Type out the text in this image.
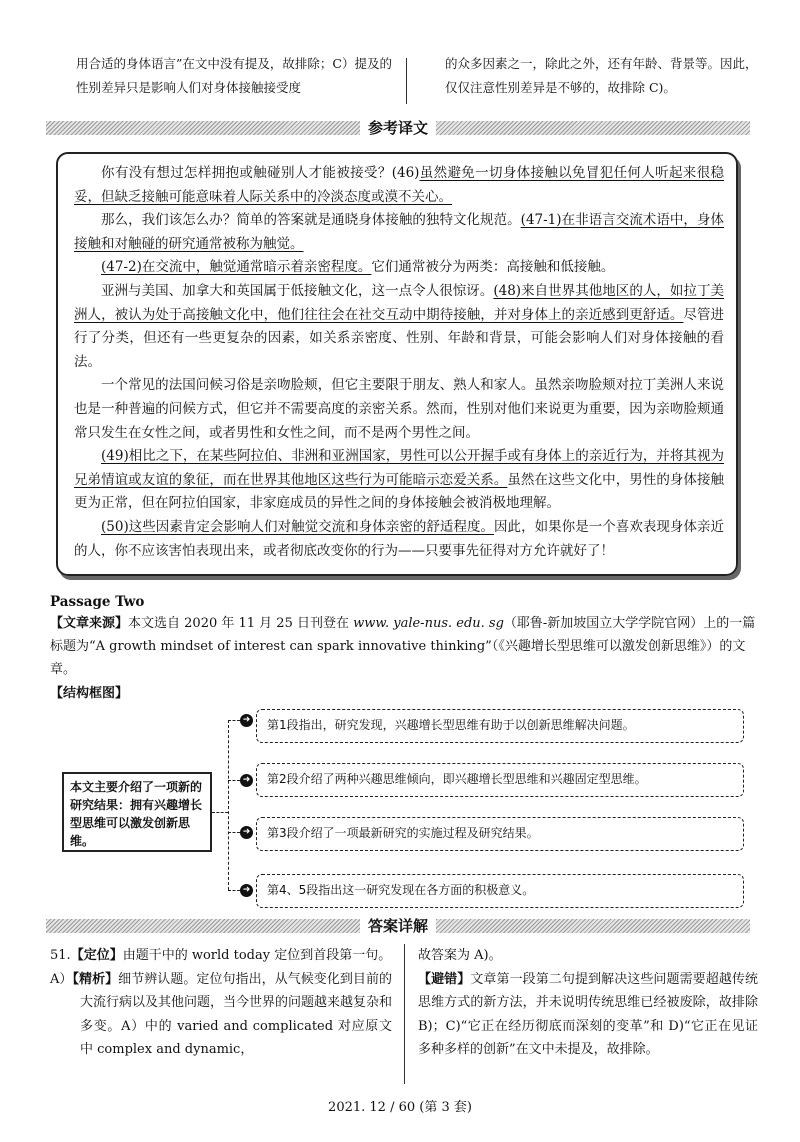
用合适的身体语言”在文中没有提及，故排除；C）提及的性别差异只是影响人们对身体接触接受度
的众多因素之一，除此之外，还有年龄、背景等。因此，仅仅注意性别差异是不够的，故排除 C)。
参考译文

你有没有想过怎样拥抱或触碰别人才能被接受？(46)虽然避免一切身体接触以免冒犯任何人听起来很稳妥，但缺乏接触可能意味着人际关系中的冷淡态度或漠不关心。

那么，我们该怎么办？简单的答案就是通晓身体接触的独特文化规范。(47-1)在非语言交流术语中，身体接触和对触碰的研究通常被称为触觉。

(47-2)在交流中，触觉通常暗示着亲密程度。它们通常被分为两类：高接触和低接触。

亚洲与美国、加拿大和英国属于低接触文化，这一点令人很惊讶。(48)来自世界其他地区的人，如拉丁美洲人，被认为处于高接触文化中，他们往往会在社交互动中期待接触，并对身体上的亲近感到更舒适。尽管进行了分类，但还有一些更复杂的因素，如关系亲密度、性别、年龄和背景，可能会影响人们对身体接触的看法。

一个常见的法国问候习俗是亲吻脸颊，但它主要限于朋友、熟人和家人。虽然亲吻脸颊对拉丁美洲人来说也是一种普遍的问候方式，但它并不需要高度的亲密关系。然而，性别对他们来说更为重要，因为亲吻脸颊通常只发生在女性之间，或者男性和女性之间，而不是两个男性之间。

(49)相比之下，在某些阿拉伯、非洲和亚洲国家，男性可以公开握手或有身体上的亲近行为，并将其视为兄弟情谊或友谊的象征，而在世界其他地区这些行为可能暗示恋爱关系。虽然在这些文化中，男性的身体接触更为正常，但在阿拉伯国家，非家庭成员的异性之间的身体接触会被消极地理解。

(50)这些因素肯定会影响人们对触觉交流和身体亲密的舒适程度。因此，如果你是一个喜欢表现身体亲近的人，你不应该害怕表现出来，或者彻底改变你的行为——只要事先征得对方允许就好了！

Passage Two
【文章来源】本文选自 2020 年 11 月 25 日刊登在 www. yale-nus. edu. sg（耶鲁-新加坡国立大学学院官网）上的一篇标题为“A growth mindset of interest can spark innovative thinking”（《兴趣增长型思维可以激发创新思维》）的文章。
【结构框图】
本文主要介绍了一项新的研究结果：拥有兴趣增长型思维可以激发创新思维。
➜	第1段指出，研究发现，兴趣增长型思维有助于以创新思维解决问题。
➜	第2段介绍了两种兴趣思维倾向，即兴趣增长型思维和兴趣固定型思维。
➜	第3段介绍了一项最新研究的实施过程及研究结果。
➜	第4、5段指出这一研究发现在各方面的积极意义。
答案详解

51.【定位】由题干中的 world today 定位到首段第一句。

A）【精析】细节辨认题。定位句指出，从气候变化到目前的大流行病以及其他问题，当今世界的问题越来越复杂和多变。A）中的 varied and complicated 对应原文中 complex and dynamic，

故答案为 A)。

【避错】文章第一段第二句提到解决这些问题需要超越传统思维方式的新方法，并未说明传统思维已经被废除，故排除 B)；C)“它正在经历彻底而深刻的变革”和 D)“它正在见证多种多样的创新”在文中未提及，故排除。

2021. 12 / 60 (第 3 套)
